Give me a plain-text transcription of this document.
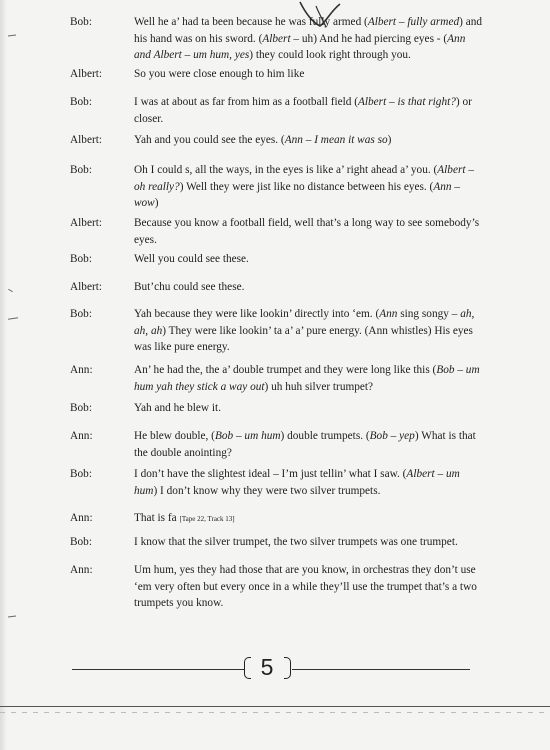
Bob:	Well he a’ had ta been because he was fully armed (Albert – fully armed) and his hand was on his sword. (Albert – uh) And he had piercing eyes - (Ann and Albert – um hum, yes) they could look right through you.
Albert:	So you were close enough to him like
Bob:	I was at about as far from him as a football field (Albert – is that right?) or closer.
Albert:	Yah and you could see the eyes. (Ann – I mean it was so)
Bob:	Oh I could s, all the ways, in the eyes is like a’ right ahead a’ you. (Albert – oh really?) Well they were jist like no distance between his eyes. (Ann – wow)
Albert:	Because you know a football field, well that’s a long way to see somebody’s eyes.
Bob:	Well you could see these.
Albert:	But’chu could see these.
Bob:	Yah because they were like lookin’ directly into ‘em. (Ann sing songy – ah, ah, ah) They were like lookin’ ta a’ a’ pure energy. (Ann whistles) His eyes was like pure energy.
Ann:	An’ he had the, the a’ double trumpet and they were long like this (Bob – um hum yah they stick a way out) uh huh silver trumpet?
Bob:	Yah and he blew it.
Ann:	He blew double, (Bob – um hum) double trumpets. (Bob – yep) What is that the double anointing?
Bob:	I don’t have the slightest ideal – I’m just tellin’ what I saw. (Albert – um hum) I don’t know why they were two silver trumpets.
Ann:	That is fa [Tape 22, Track 13]
Bob:	I know that the silver trumpet, the two silver trumpets was one trumpet.
Ann:	Um hum, yes they had those that are you know, in orchestras they don’t use ‘em very often but every once in a while they’ll use the trumpet that’s a two trumpets you know.
5
